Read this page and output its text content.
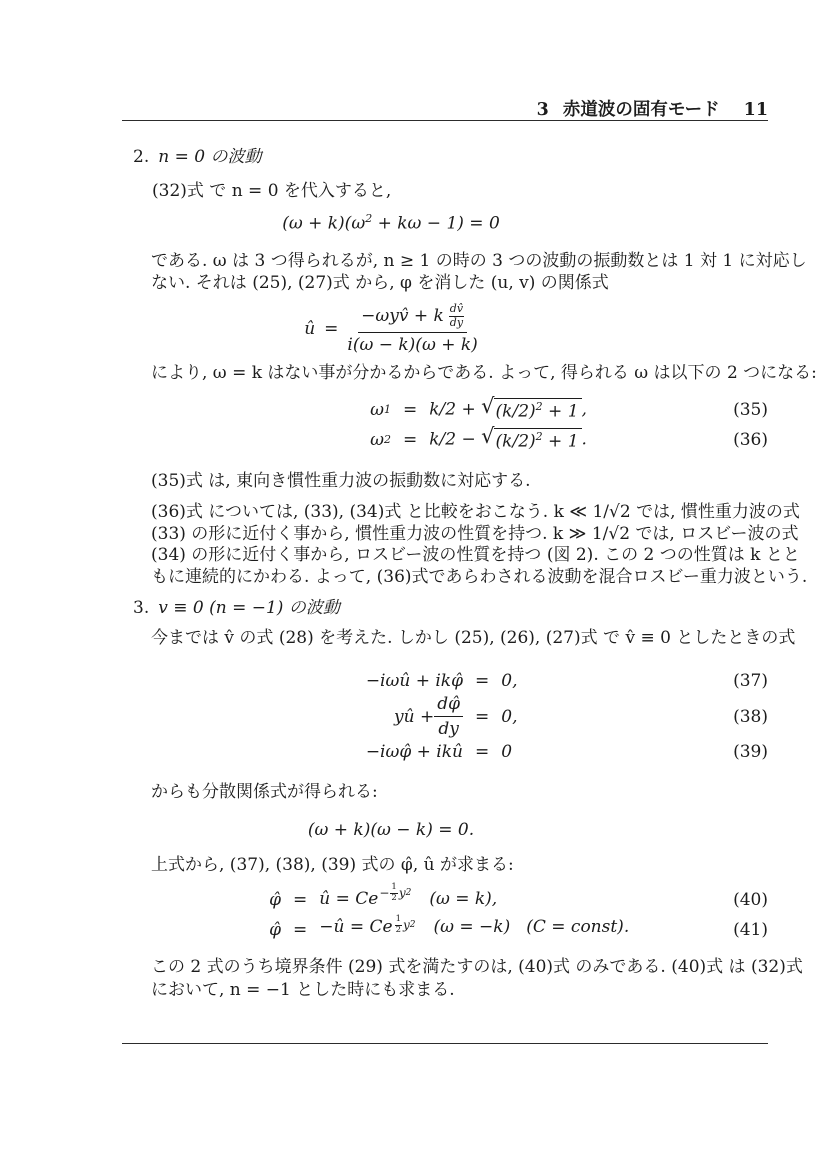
3 赤道波の固有モード 11
2. n = 0 の波動
(32)式 で n = 0 を代入すると,
$(\omega + k)(\omega^2 + k\omega - 1) = 0$
である. ω は 3 つ得られるが, n ≥ 1 の時の 3 つの波動の振動数とは 1 対 1 に対応し
ない. それは (25), (27)式 から, φ を消した (u, v) の関係式
û =
−ωyv̂ + k $\frac{dv̂}{dy}$
i(ω − k)(ω + k)
により, ω = k はない事が分かるからである. よって, 得られる ω は以下の 2 つになる:
ω 1 = k/2 + √ $(k/2)^2 + 1$ ,	(35)
ω 2 = k/2 − √ $(k/2)^2 + 1$ .	(36)
(35)式 は, 東向き慣性重力波の振動数に対応する.
(36)式 については, (33), (34)式 と比較をおこなう. k ≪ 1/√2 では, 慣性重力波の式
(33) の形に近付く事から, 慣性重力波の性質を持つ. k ≫ 1/√2 では, ロスビー波の式
(34) の形に近付く事から, ロスビー波の性質を持つ (図 2). この 2 つの性質は k とと
もに連続的にかわる. よって, (36)式であらわされる波動を混合ロスビー重力波という.
3. v ≡ 0 (n = −1) の波動
今までは v̂ の式 (28) を考えた. しかし (25), (26), (27)式 で v̂ ≡ 0 としたときの式
−iωû + ikφ̂ = 0,	(37)
yû + $\frac{d\varphî}{dy} = 0$,	(38)
−iωφ̂ + ikû = 0	(39)
からも分散関係式が得られる:
(ω + k)(ω − k) = 0.
上式から, (37), (38), (39) 式の φ̂, û が求まる:
φ̂ = û = $Ce - \frac{1}{2}$ y 2 (ω = k),	(40)
φ̂ = −û = Ce $\frac{1}{2}$ y 2 (ω = −k) (C = const).	(41)
この 2 式のうち境界条件 (29) 式を満たすのは, (40)式 のみである. (40)式 は (32)式
において, n = −1 とした時にも求まる.
